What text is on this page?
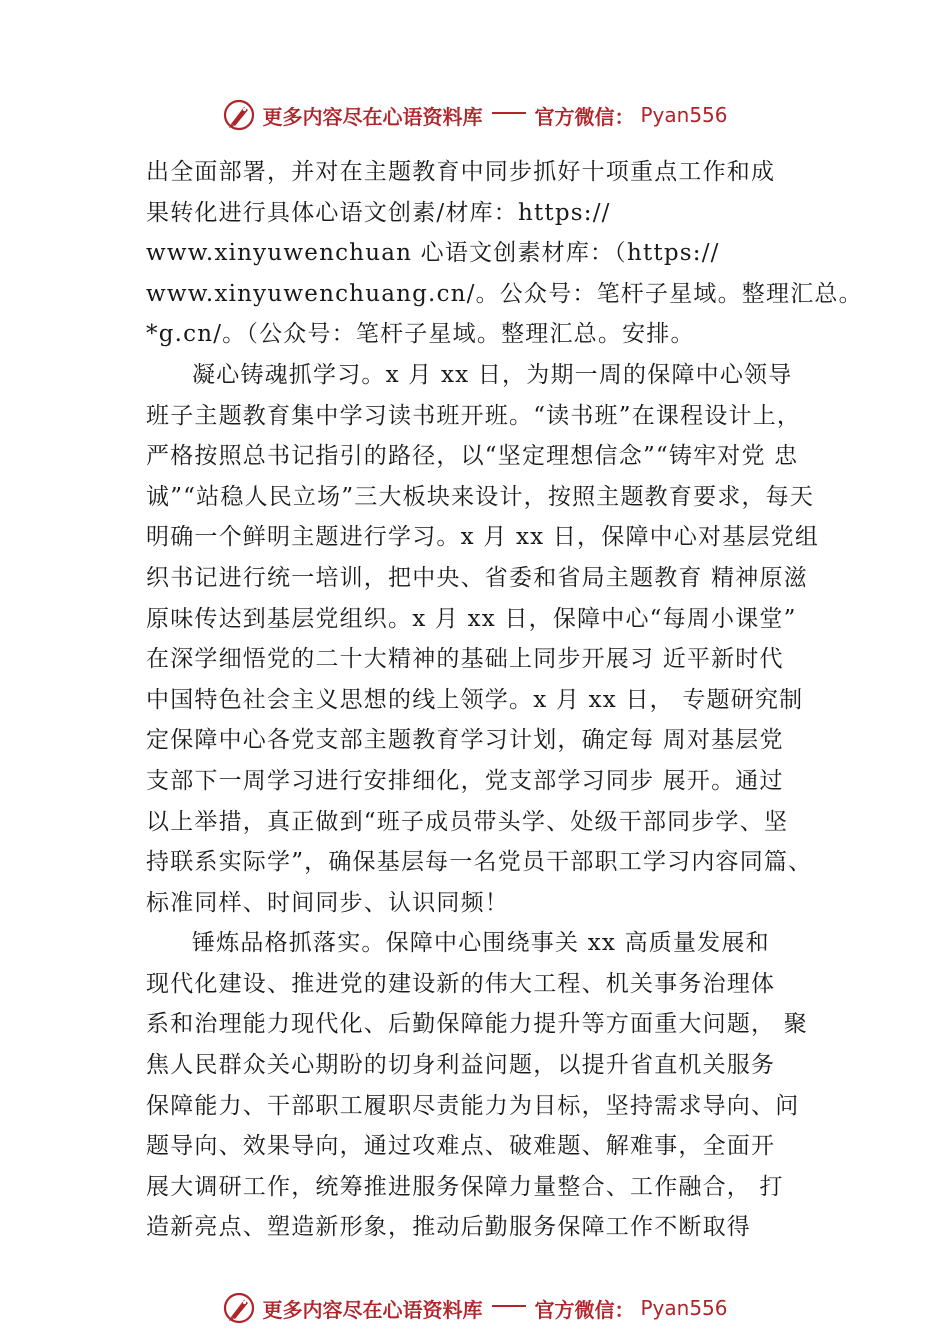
更多内容尽在心语资料库	官方微信： Pyan556
出全面部署，并对在主题教育中同步抓好十项重点工作和成
果转化进行具体心语文创素/材库：https://
www.xinyuwenchuan 心语文创素材库：（https://
www.xinyuwenchuang.cn/。公众号：笔杆子星域。整理汇总。
*g.cn/。（公众号：笔杆子星域。整理汇总。安排。
凝心铸魂抓学习。x 月 xx 日，为期一周的保障中心领导
班子主题教育集中学习读书班开班。“读书班”在课程设计上，
严格按照总书记指引的路径，以“坚定理想信念”“铸牢对党 忠
诚”“站稳人民立场”三大板块来设计，按照主题教育要求，每天
明确一个鲜明主题进行学习。x 月 xx 日，保障中心对基层党组
织书记进行统一培训，把中央、省委和省局主题教育 精神原滋
原味传达到基层党组织。x 月 xx 日，保障中心“每周小课堂”
在深学细悟党的二十大精神的基础上同步开展习 近平新时代
中国特色社会主义思想的线上领学。x 月 xx 日， 专题研究制
定保障中心各党支部主题教育学习计划，确定每 周对基层党
支部下一周学习进行安排细化，党支部学习同步 展开。通过
以上举措，真正做到“班子成员带头学、处级干部同步学、坚
持联系实际学”，确保基层每一名党员干部职工学习内容同篇、
标准同样、时间同步、认识同频！
锤炼品格抓落实。保障中心围绕事关 xx 高质量发展和
现代化建设、推进党的建设新的伟大工程、机关事务治理体
系和治理能力现代化、后勤保障能力提升等方面重大问题， 聚
焦人民群众关心期盼的切身利益问题，以提升省直机关服务
保障能力、干部职工履职尽责能力为目标，坚持需求导向、问
题导向、效果导向，通过攻难点、破难题、解难事，全面开
展大调研工作，统筹推进服务保障力量整合、工作融合， 打
造新亮点、塑造新形象，推动后勤服务保障工作不断取得
更多内容尽在心语资料库	官方微信： Pyan556
